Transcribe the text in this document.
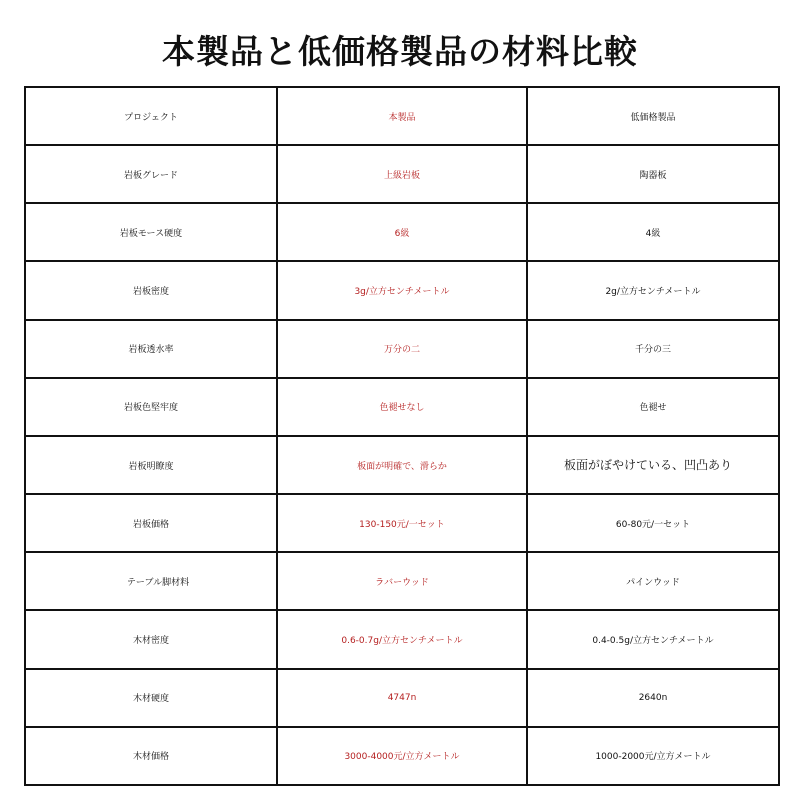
本製品と低価格製品の材料比較
プロジェクト	本製品	低価格製品
岩板グレード	上級岩板	陶器板
岩板モース硬度	6級	4級
岩板密度	3g/立方センチメートル	2g/立方センチメートル
岩板透水率	万分の二	千分の三
岩板色堅牢度	色褪せなし	色褪せ
岩板明瞭度	板面が明確で、滑らか	板面がぼやけている、凹凸あり
岩板価格	130-150元/一セット	60-80元/一セット
テーブル脚材料	ラバーウッド	パインウッド
木材密度	0.6-0.7g/立方センチメートル	0.4-0.5g/立方センチメートル
木材硬度	4747n	2640n
木材価格	3000-4000元/立方メートル	1000-2000元/立方メートル
